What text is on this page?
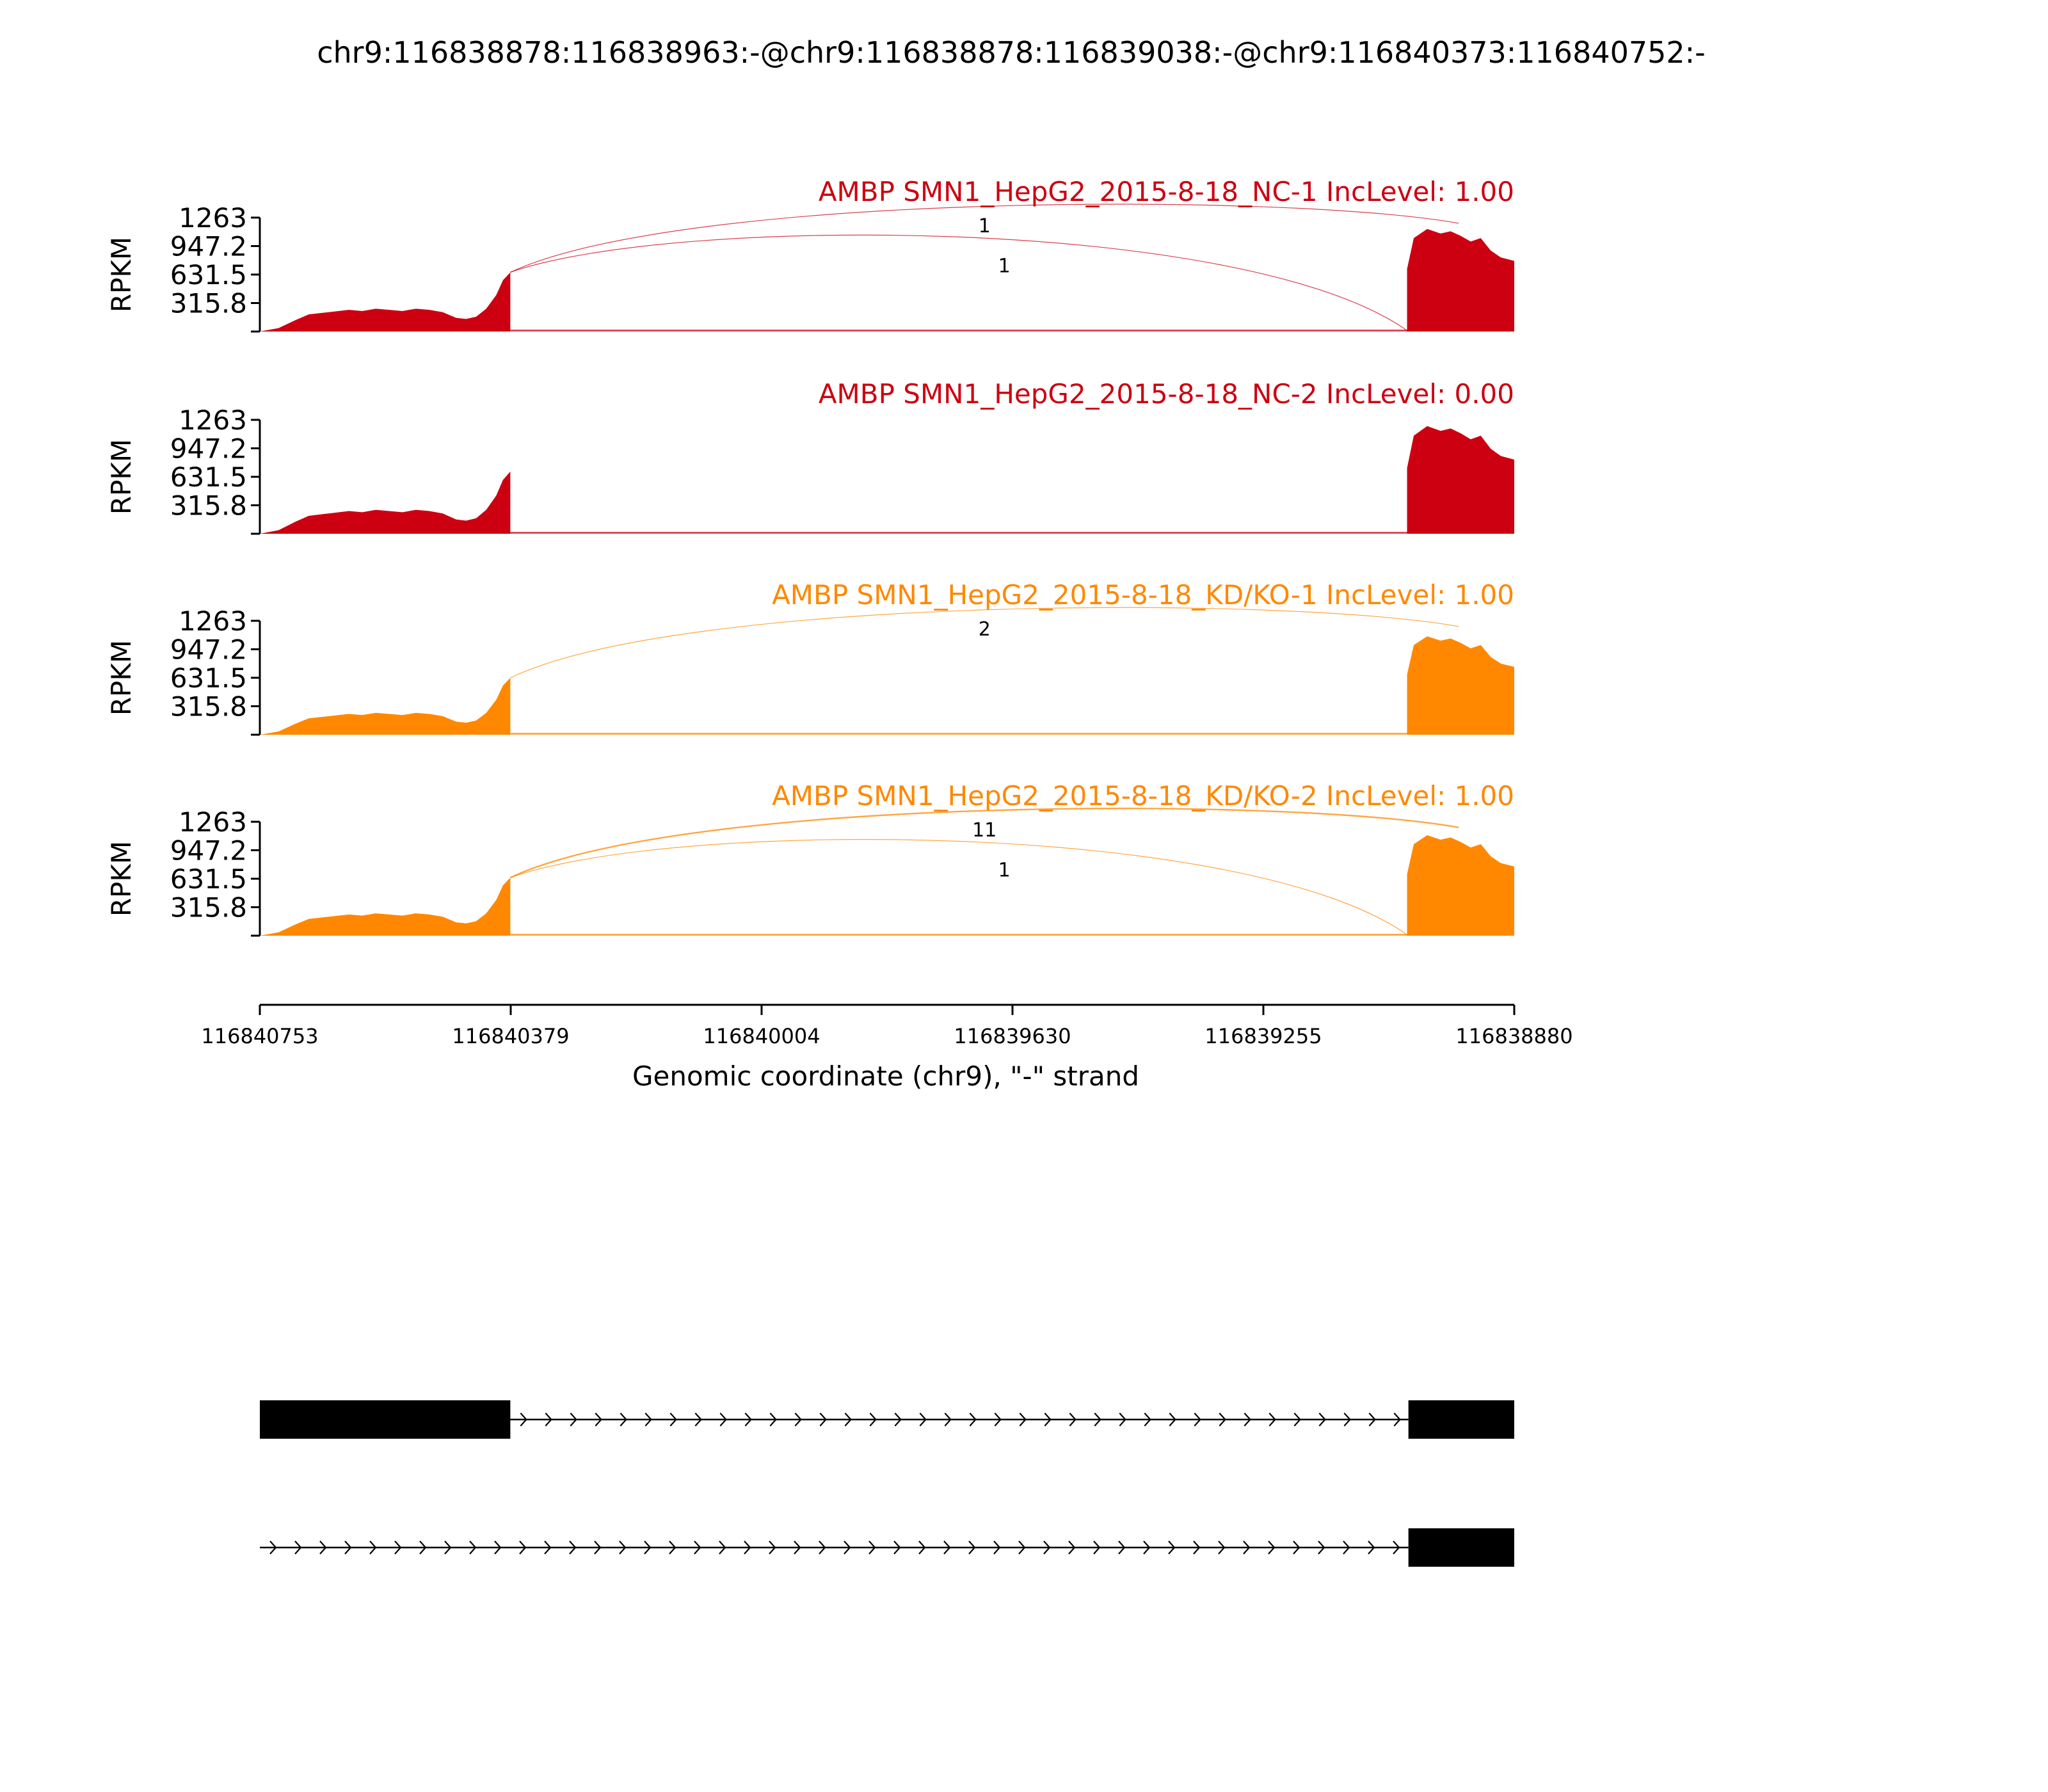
chr9:116838878:116838963:-@chr9:116838878:116839038:-@chr9:116840373:116840752:-
1
1
1263
947.2
631.5
315.8
RPKM
AMBP SMN1_HepG2_2015-8-18_NC-1 IncLevel: 1.00
1263
947.2
631.5
315.8
RPKM
AMBP SMN1_HepG2_2015-8-18_NC-2 IncLevel: 0.00
2
1263
947.2
631.5
315.8
RPKM
AMBP SMN1_HepG2_2015-8-18_KD/KO-1 IncLevel: 1.00
11
1
1263
947.2
631.5
315.8
RPKM
AMBP SMN1_HepG2_2015-8-18_KD/KO-2 IncLevel: 1.00
116840753	116840379	116840004	116839630	116839255	116838880
Genomic coordinate (chr9), "-" strand
